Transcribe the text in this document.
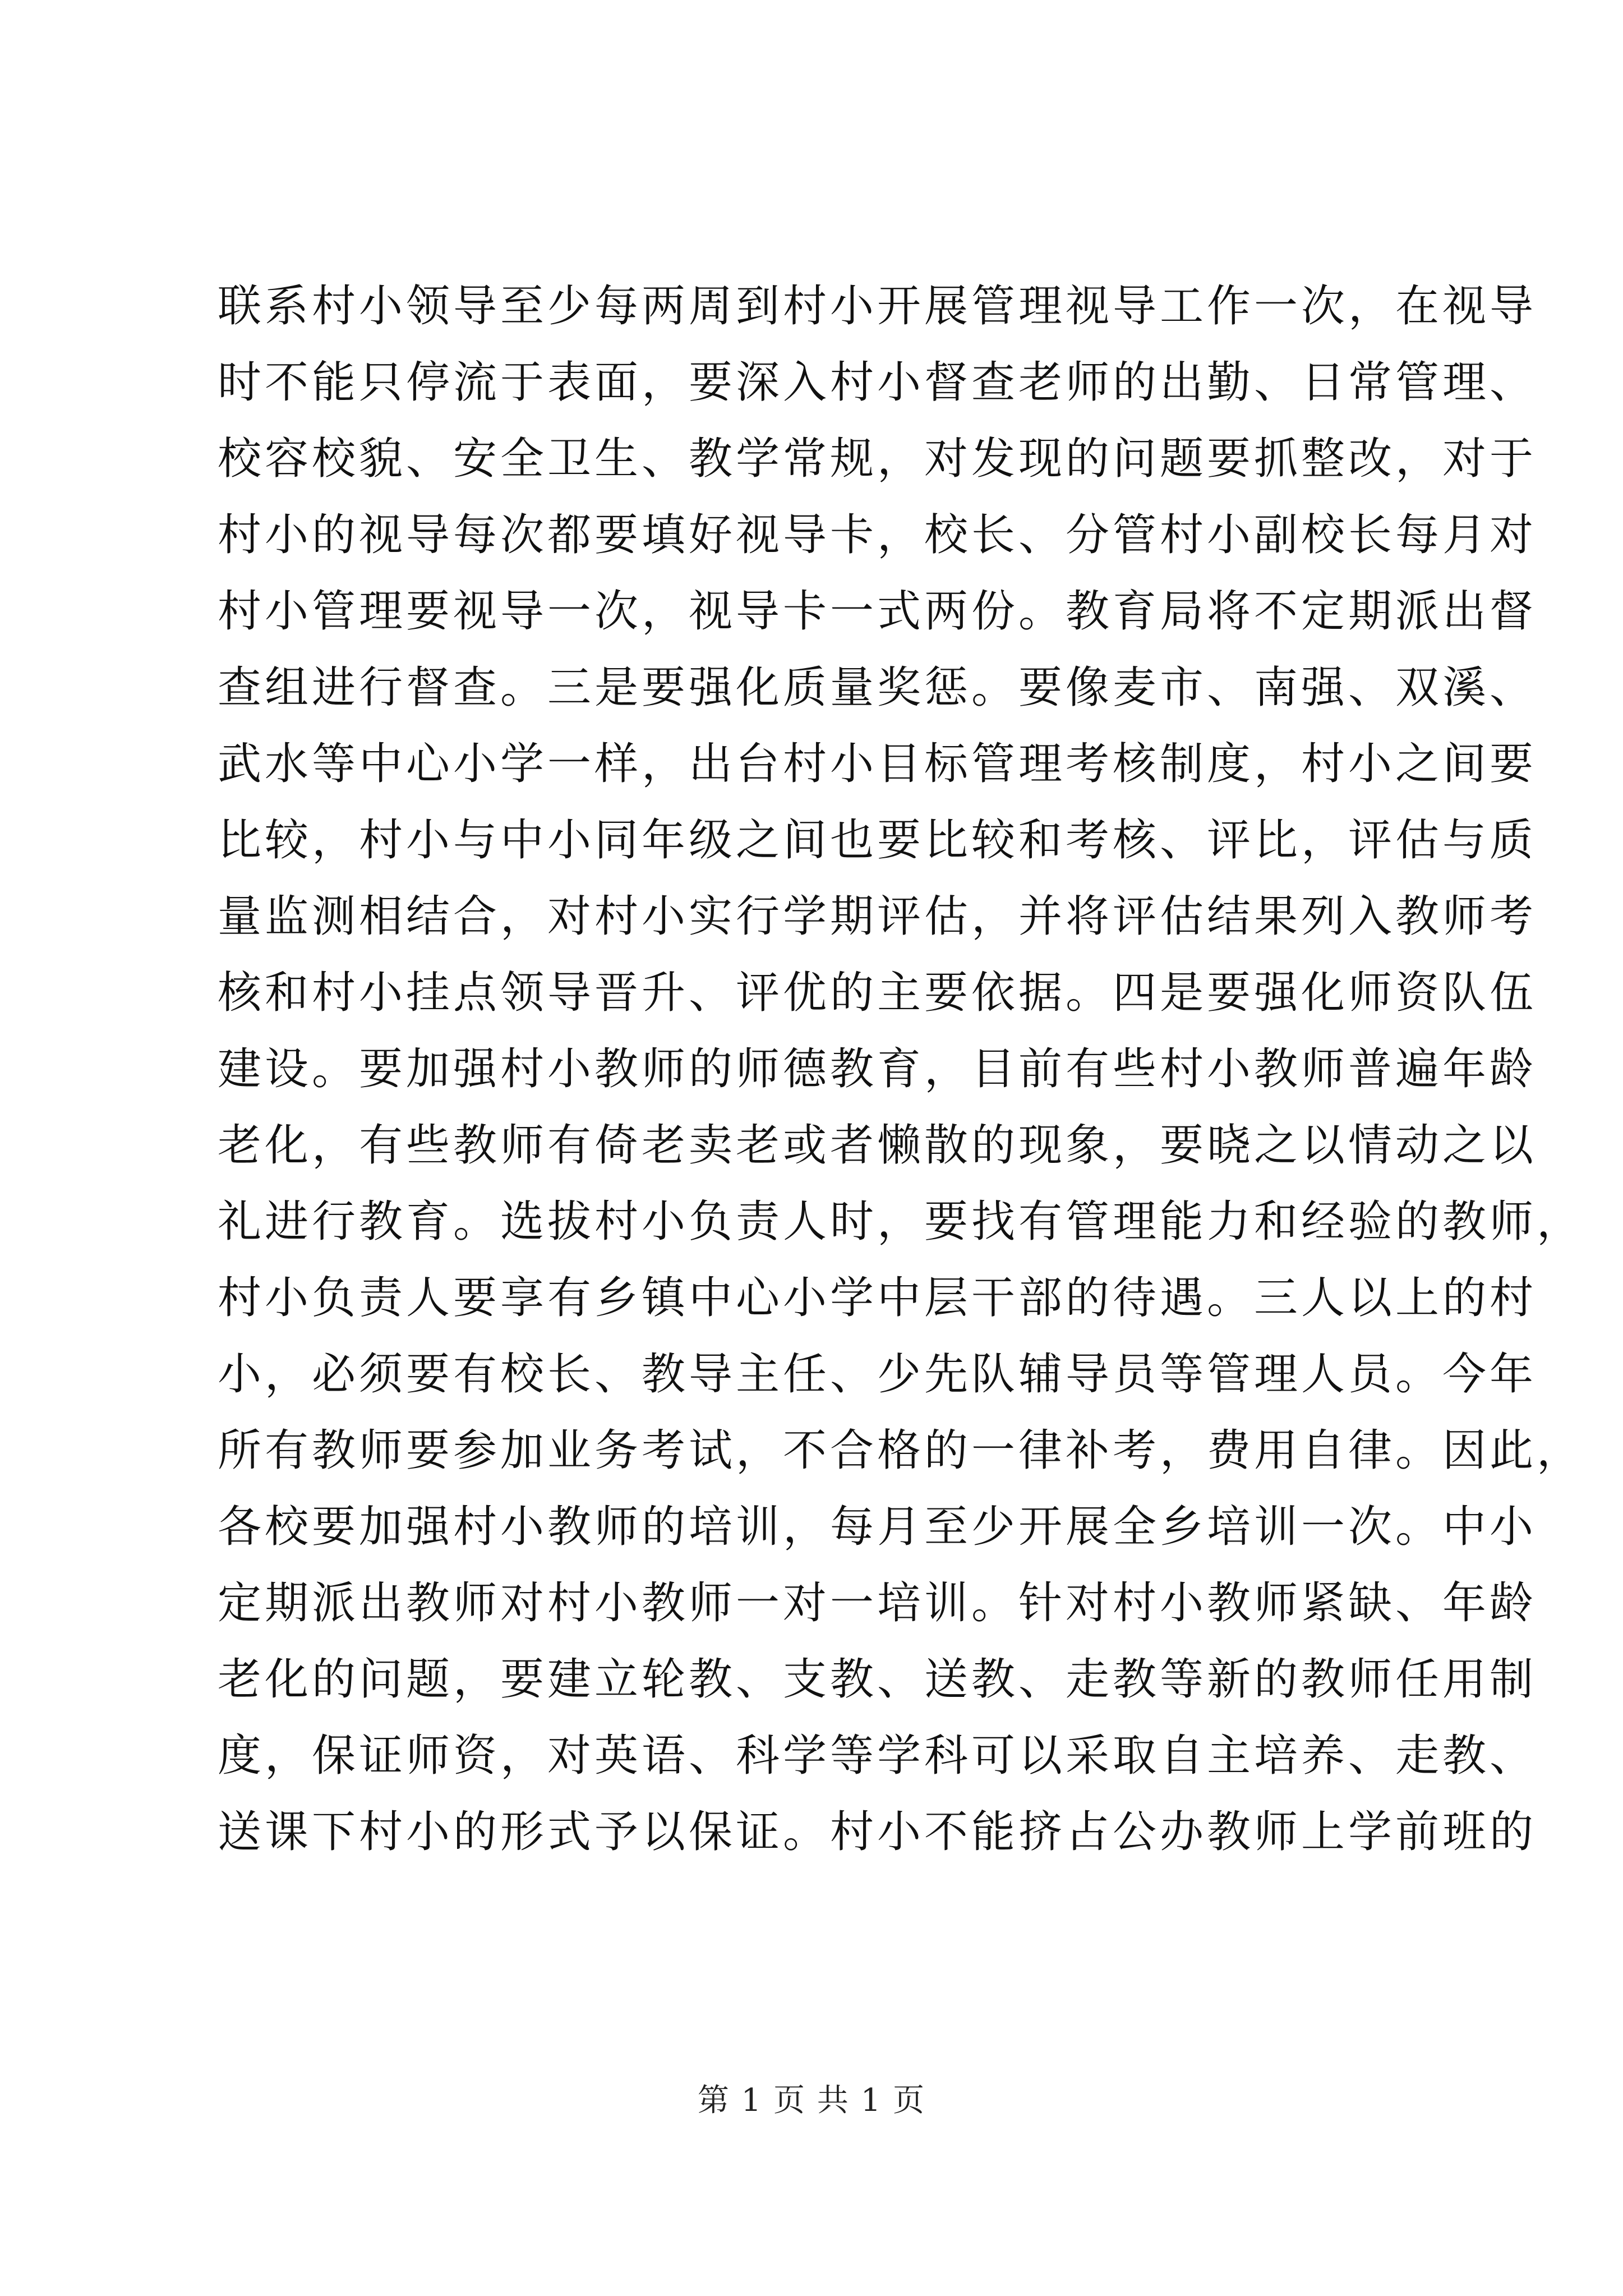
联系村小领导至少每两周到村小开展管理视导工作一次，在视导
时不能只停流于表面，要深入村小督查老师的出勤、日常管理、
校容校貌、安全卫生、教学常规，对发现的问题要抓整改，对于
村小的视导每次都要填好视导卡，校长、分管村小副校长每月对
村小管理要视导一次，视导卡一式两份。教育局将不定期派出督
查组进行督查。三是要强化质量奖惩。要像麦市、南强、双溪、
武水等中心小学一样，出台村小目标管理考核制度，村小之间要
比较，村小与中小同年级之间也要比较和考核、评比，评估与质
量监测相结合，对村小实行学期评估，并将评估结果列入教师考
核和村小挂点领导晋升、评优的主要依据。四是要强化师资队伍
建设。要加强村小教师的师德教育，目前有些村小教师普遍年龄
老化，有些教师有倚老卖老或者懒散的现象，要晓之以情动之以
礼进行教育。选拔村小负责人时，要找有管理能力和经验的教师，
村小负责人要享有乡镇中心小学中层干部的待遇。三人以上的村
小，必须要有校长、教导主任、少先队辅导员等管理人员。今年
所有教师要参加业务考试，不合格的一律补考，费用自律。因此，
各校要加强村小教师的培训，每月至少开展全乡培训一次。中小
定期派出教师对村小教师一对一培训。针对村小教师紧缺、年龄
老化的问题，要建立轮教、支教、送教、走教等新的教师任用制
度，保证师资，对英语、科学等学科可以采取自主培养、走教、
送课下村小的形式予以保证。村小不能挤占公办教师上学前班的
第 1 页 共 1 页
